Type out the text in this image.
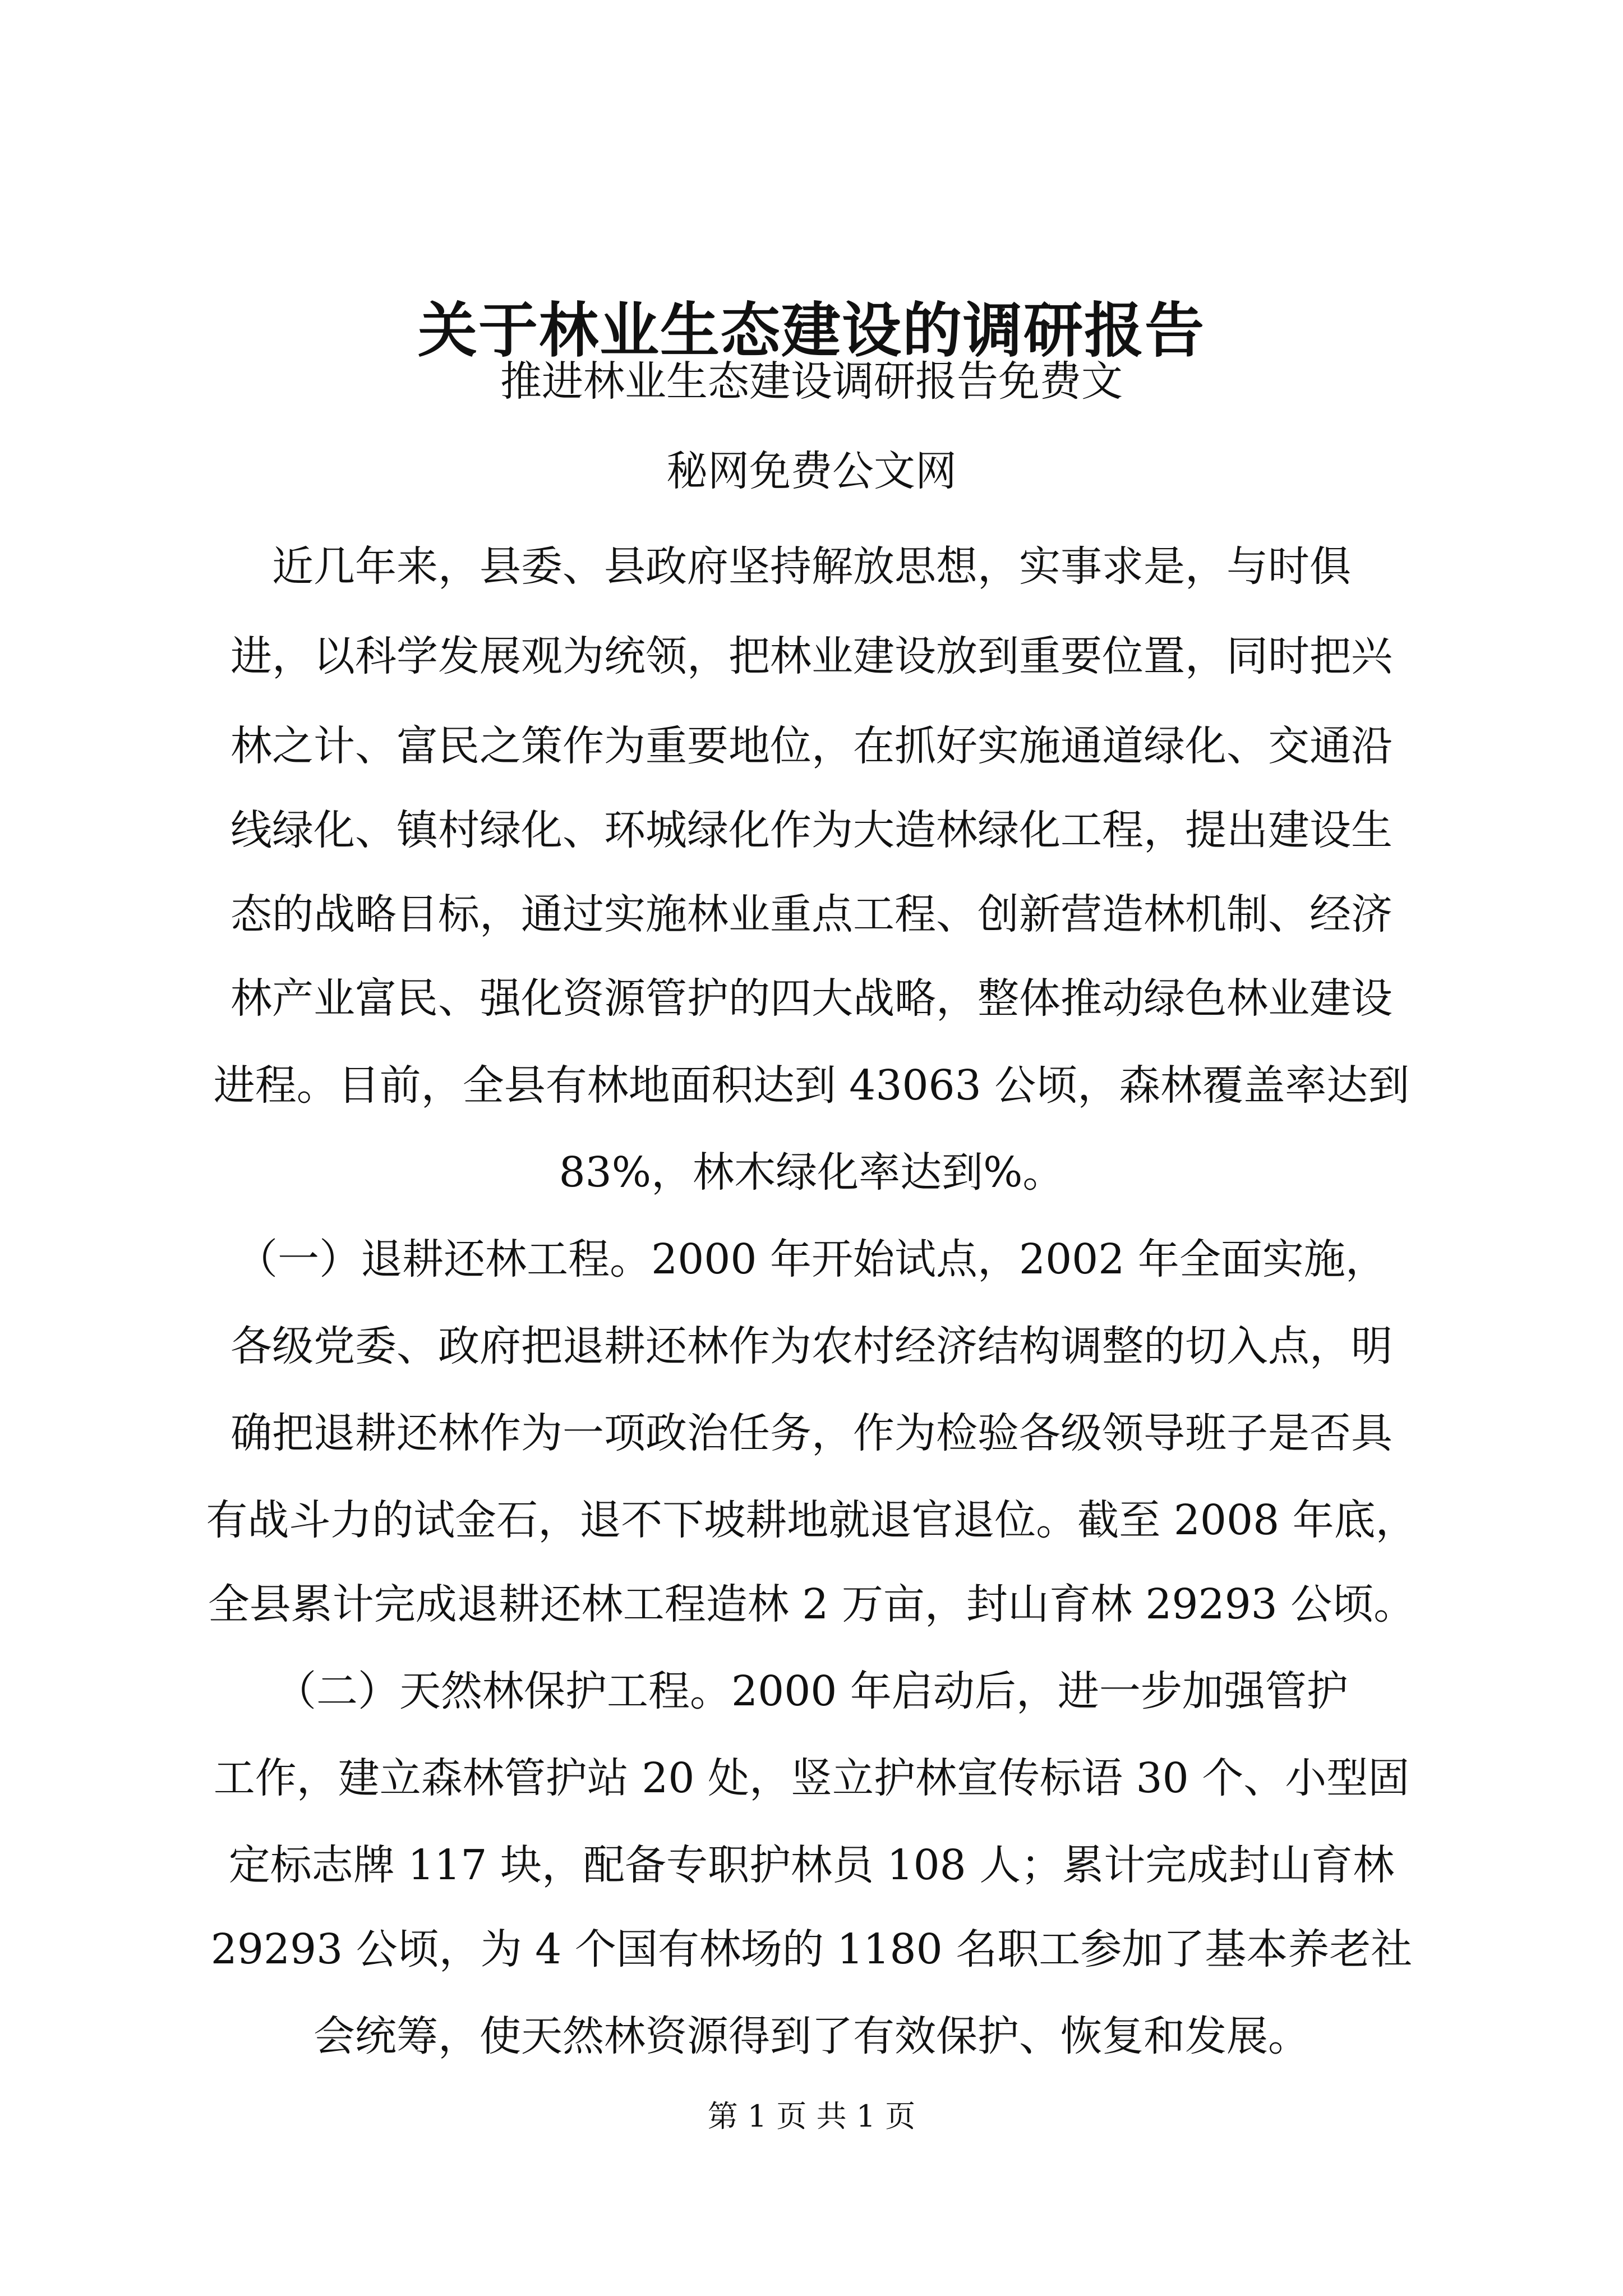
关于林业生态建设的调研报告
推进林业生态建设调研报告免费文
秘网免费公文网
近几年来，县委、县政府坚持解放思想，实事求是，与时俱
进，以科学发展观为统领，把林业建设放到重要位置，同时把兴
林之计、富民之策作为重要地位，在抓好实施通道绿化、交通沿
线绿化、镇村绿化、环城绿化作为大造林绿化工程，提出建设生
态的战略目标，通过实施林业重点工程、创新营造林机制、经济
林产业富民、强化资源管护的四大战略，整体推动绿色林业建设
进程。目前，全县有林地面积达到 43063 公顷，森林覆盖率达到
83%，林木绿化率达到%。
（一）退耕还林工程。2000 年开始试点，2002 年全面实施，
各级党委、政府把退耕还林作为农村经济结构调整的切入点，明
确把退耕还林作为一项政治任务，作为检验各级领导班子是否具
有战斗力的试金石，退不下坡耕地就退官退位。截至 2008 年底，
全县累计完成退耕还林工程造林 2 万亩，封山育林 29293 公顷。
（二）天然林保护工程。2000 年启动后，进一步加强管护
工作，建立森林管护站 20 处，竖立护林宣传标语 30 个、小型固
定标志牌 117 块，配备专职护林员 108 人；累计完成封山育林
29293 公顷，为 4 个国有林场的 1180 名职工参加了基本养老社
会统筹，使天然林资源得到了有效保护、恢复和发展。
第 1 页 共 1 页
